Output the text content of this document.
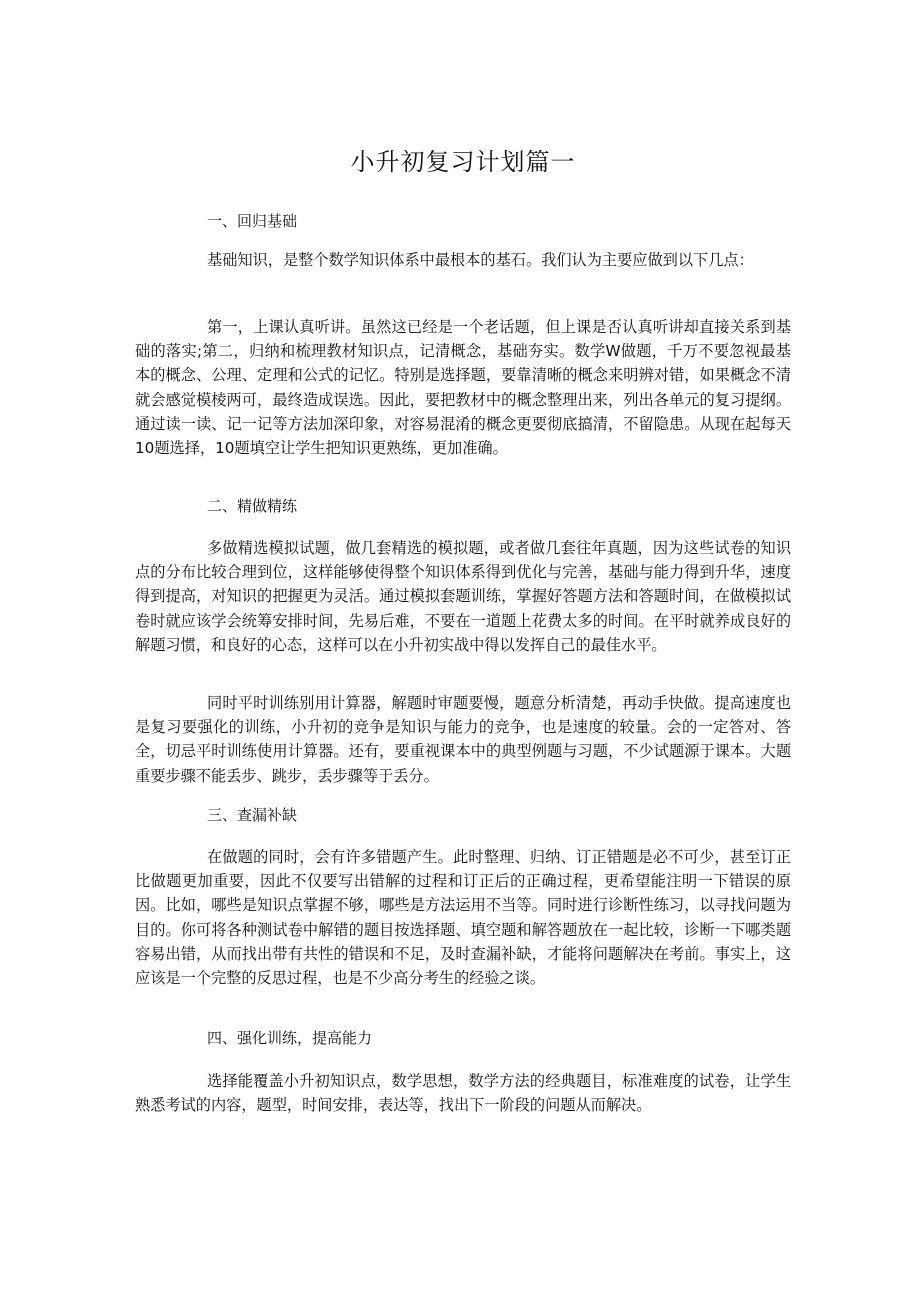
小升初复习计划篇一

一、回归基础

基础知识，是整个数学知识体系中最根本的基石。我们认为主要应做到以下几点：

第一，上课认真听讲。虽然这已经是一个老话题，但上课是否认真听讲却直接关系到基础的落实;第二，归纳和梳理教材知识点，记清概念，基础夯实。数学W做题，千万不要忽视最基本的概念、公理、定理和公式的记忆。特别是选择题，要靠清晰的概念来明辨对错，如果概念不清就会感觉模棱两可，最终造成误选。因此，要把教材中的概念整理出来，列出各单元的复习提纲。通过读一读、记一记等方法加深印象，对容易混淆的概念更要彻底搞清，不留隐患。从现在起每天10题选择，10题填空让学生把知识更熟练，更加准确。

二、精做精练

多做精选模拟试题，做几套精选的模拟题，或者做几套往年真题，因为这些试卷的知识点的分布比较合理到位，这样能够使得整个知识体系得到优化与完善，基础与能力得到升华，速度得到提高，对知识的把握更为灵活。通过模拟套题训练，掌握好答题方法和答题时间，在做模拟试卷时就应该学会统筹安排时间，先易后难，不要在一道题上花费太多的时间。在平时就养成良好的解题习惯，和良好的心态，这样可以在小升初实战中得以发挥自己的最佳水平。

同时平时训练别用计算器，解题时审题要慢，题意分析清楚，再动手快做。提高速度也是复习要强化的训练，小升初的竞争是知识与能力的竞争，也是速度的较量。会的一定答对、答全，切忌平时训练使用计算器。还有，要重视课本中的典型例题与习题，不少试题源于课本。大题重要步骤不能丢步、跳步，丢步骤等于丢分。

三、查漏补缺

在做题的同时，会有许多错题产生。此时整理、归纳、订正错题是必不可少，甚至订正比做题更加重要，因此不仅要写出错解的过程和订正后的正确过程，更希望能注明一下错误的原因。比如，哪些是知识点掌握不够，哪些是方法运用不当等。同时进行诊断性练习，以寻找问题为目的。你可将各种测试卷中解错的题目按选择题、填空题和解答题放在一起比较，诊断一下哪类题容易出错，从而找出带有共性的错误和不足，及时查漏补缺，才能将问题解决在考前。事实上，这应该是一个完整的反思过程，也是不少高分考生的经验之谈。

四、强化训练，提高能力

选择能覆盖小升初知识点，数学思想，数学方法的经典题目，标准难度的试卷，让学生熟悉考试的内容，题型，时间安排，表达等，找出下一阶段的问题从而解决。
